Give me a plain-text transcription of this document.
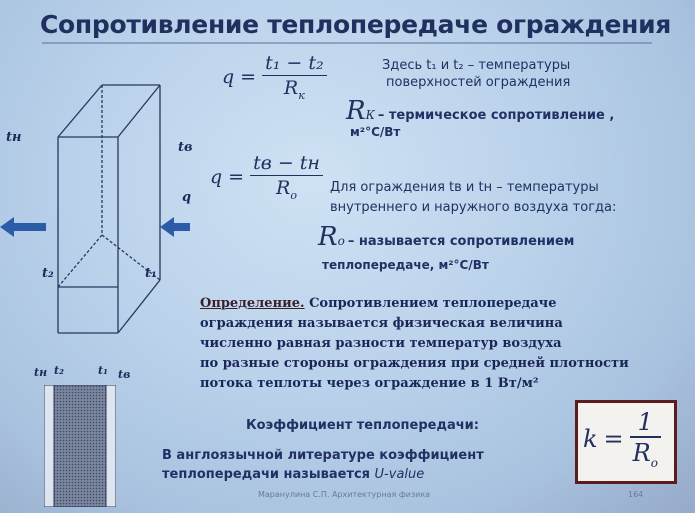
Сопротивление теплопередаче ограждения
tн
tв
q
t₂	t₁
$q = \frac{\text{t₁ − t₂}}{R_к}$	Здесь t₁ и t₂ – температуры
поверхностей ограждения
$R_К$ – термическое сопротивление ,
м²°С/Вт
$q = \frac{tв - tн}{R_о}$ Для ограждения tв и tн – температуры
внутреннего и наружного воздуха тогда:
$R_о$ – называется сопротивлением
теплопередаче, м²°С/Вт
Определение. Сопротивлением теплопередаче
ограждения называется физическая величина
численно равная разности температур воздуха
по разные стороны ограждения при средней плотности
потока теплоты через ограждение в 1 Вт/м²
tн t₂	t₁ tв
Коэффициент теплопередачи:	$k = \frac{1}{R_о}$
В англоязычной литературе коэффициент
теплопередачи называется U-value
Маранулина С.П. Архитектурная физика	164
